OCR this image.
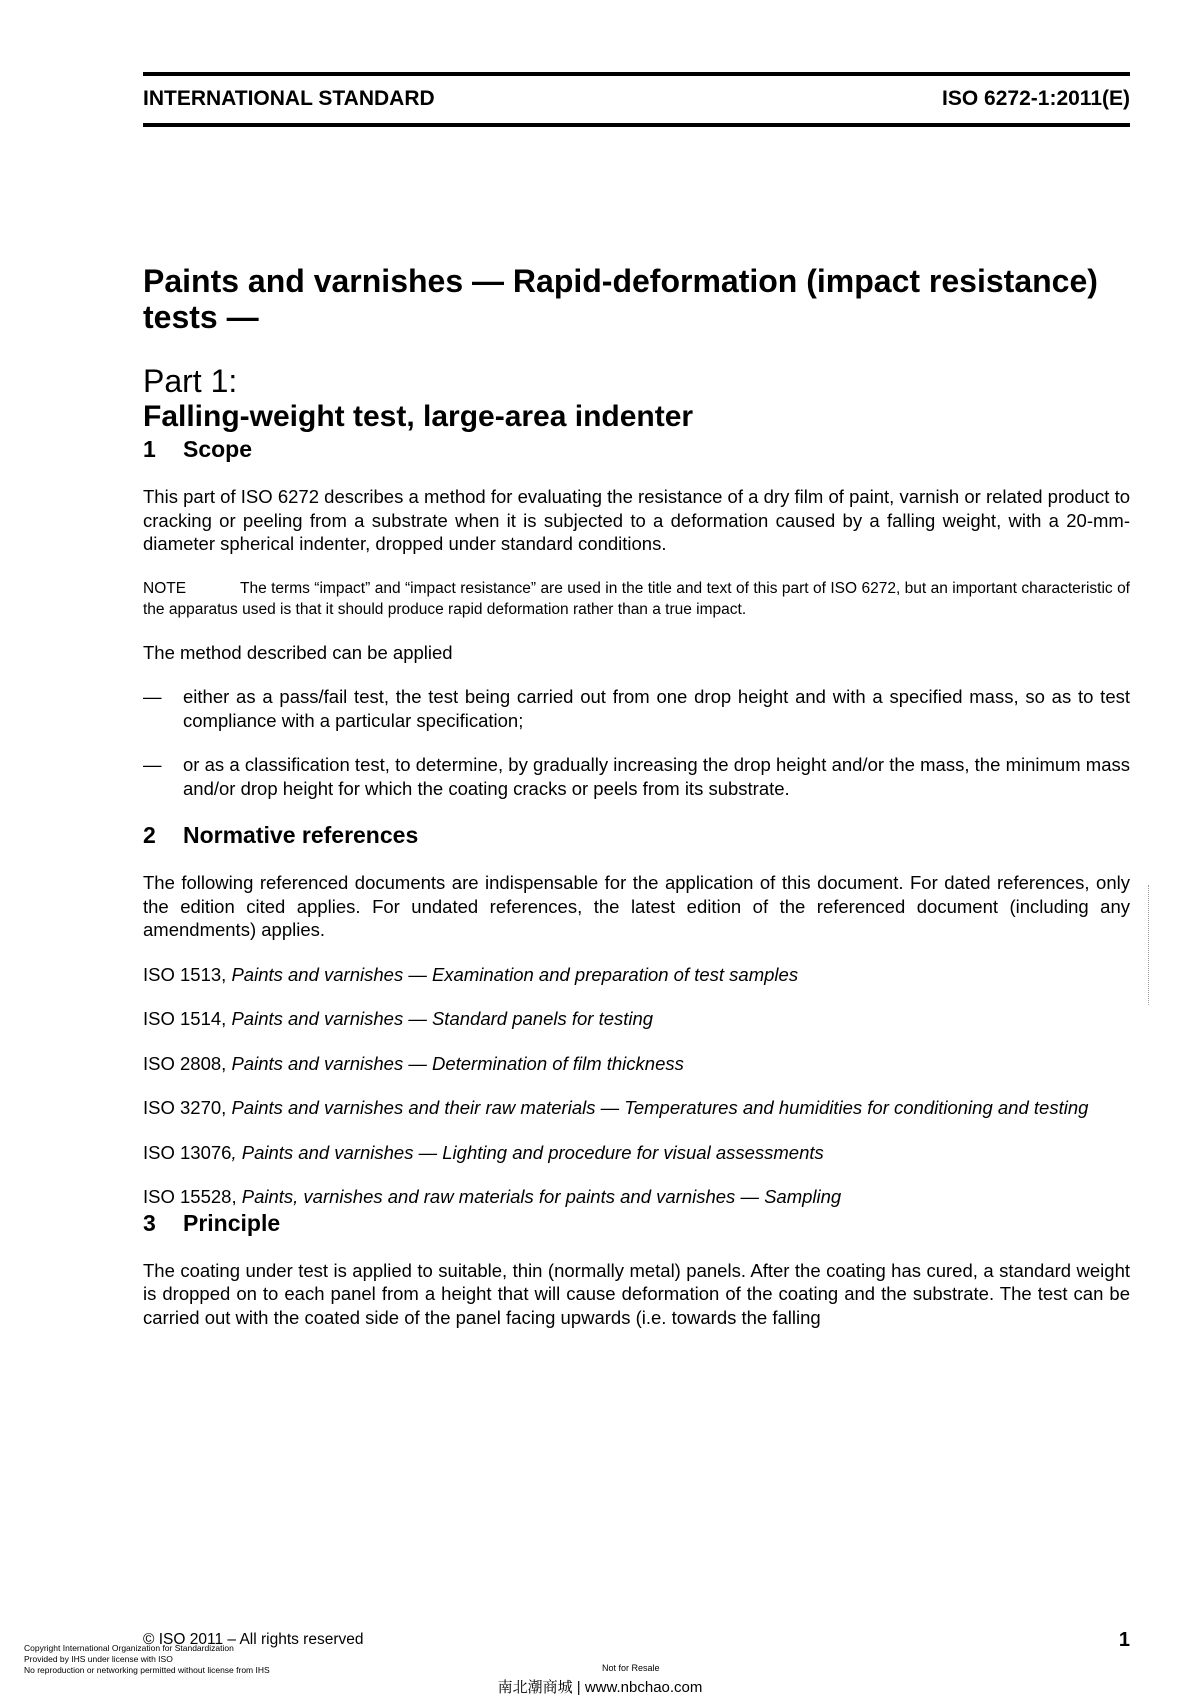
INTERNATIONAL STANDARD	ISO 6272-1:2011(E)
Paints and varnishes — Rapid-deformation (impact resistance) tests —
Part 1:
Falling-weight test, large-area indenter
1 Scope

This part of ISO 6272 describes a method for evaluating the resistance of a dry film of paint, varnish or related product to cracking or peeling from a substrate when it is subjected to a deformation caused by a falling weight, with a 20-mm-diameter spherical indenter, dropped under standard conditions.

NOTE	The terms “impact” and “impact resistance” are used in the title and text of this part of ISO 6272, but an important characteristic of the apparatus used is that it should produce rapid deformation rather than a true impact.

The method described can be applied

— either as a pass/fail test, the test being carried out from one drop height and with a specified mass, so as to test compliance with a particular specification;
— or as a classification test, to determine, by gradually increasing the drop height and/or the mass, the minimum mass and/or drop height for which the coating cracks or peels from its substrate.
2 Normative references

The following referenced documents are indispensable for the application of this document. For dated references, only the edition cited applies. For undated references, the latest edition of the referenced document (including any amendments) applies.

ISO 1513, Paints and varnishes — Examination and preparation of test samples
ISO 1514, Paints and varnishes — Standard panels for testing
ISO 2808, Paints and varnishes — Determination of film thickness
ISO 3270, Paints and varnishes and their raw materials — Temperatures and humidities for conditioning and testing
ISO 13076, Paints and varnishes — Lighting and procedure for visual assessments
ISO 15528, Paints, varnishes and raw materials for paints and varnishes — Sampling
3 Principle

The coating under test is applied to suitable, thin (normally metal) panels. After the coating has cured, a standard weight is dropped on to each panel from a height that will cause deformation of the coating and the substrate. The test can be carried out with the coated side of the panel facing upwards (i.e. towards the falling

© ISO 2011 – All rights reserved	1
Copyright International Organization for Standardization
Provided by IHS under license with ISO
No reproduction or networking permitted without license from IHS	Not for Resale
南北潮商城 | www.nbchao.com
